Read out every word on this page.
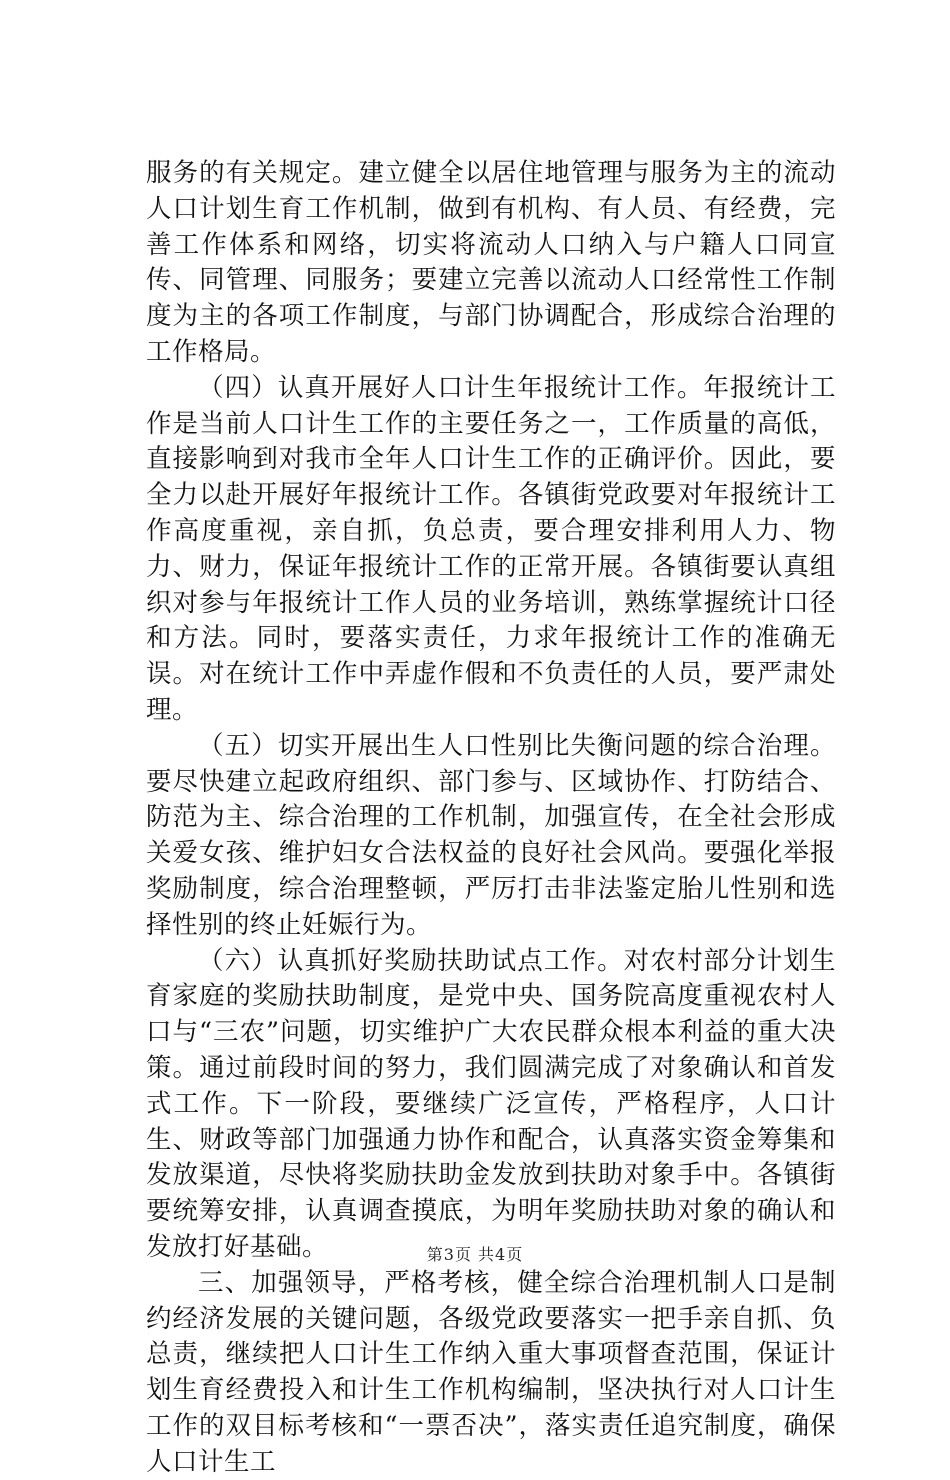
服务的有关规定。建立健全以居住地管理与服务为主的流动人口计划生育工作机制，做到有机构、有人员、有经费，完善工作体系和网络，切实将流动人口纳入与户籍人口同宣传、同管理、同服务；要建立完善以流动人口经常性工作制度为主的各项工作制度，与部门协调配合，形成综合治理的工作格局。

（四）认真开展好人口计生年报统计工作。年报统计工作是当前人口计生工作的主要任务之一，工作质量的高低，直接影响到对我市全年人口计生工作的正确评价。因此，要全力以赴开展好年报统计工作。各镇街党政要对年报统计工作高度重视，亲自抓，负总责，要合理安排利用人力、物力、财力，保证年报统计工作的正常开展。各镇街要认真组织对参与年报统计工作人员的业务培训，熟练掌握统计口径和方法。同时，要落实责任，力求年报统计工作的准确无误。对在统计工作中弄虚作假和不负责任的人员，要严肃处理。

（五）切实开展出生人口性别比失衡问题的综合治理。要尽快建立起政府组织、部门参与、区域协作、打防结合、防范为主、综合治理的工作机制，加强宣传，在全社会形成关爱女孩、维护妇女合法权益的良好社会风尚。要强化举报奖励制度，综合治理整顿，严厉打击非法鉴定胎儿性别和选择性别的终止妊娠行为。

（六）认真抓好奖励扶助试点工作。对农村部分计划生育家庭的奖励扶助制度，是党中央、国务院高度重视农村人口与“三农”问题，切实维护广大农民群众根本利益的重大决策。通过前段时间的努力，我们圆满完成了对象确认和首发式工作。下一阶段，要继续广泛宣传，严格程序，人口计生、财政等部门加强通力协作和配合，认真落实资金筹集和发放渠道，尽快将奖励扶助金发放到扶助对象手中。各镇街要统筹安排，认真调查摸底，为明年奖励扶助对象的确认和发放打好基础。

三、加强领导，严格考核，健全综合治理机制人口是制约经济发展的关键问题，各级党政要落实一把手亲自抓、负总责，继续把人口计生工作纳入重大事项督查范围，保证计划生育经费投入和计生工作机构编制，坚决执行对人口计生工作的双目标考核和“一票否决”，落实责任追究制度，确保人口计生工

第3页 共4页
